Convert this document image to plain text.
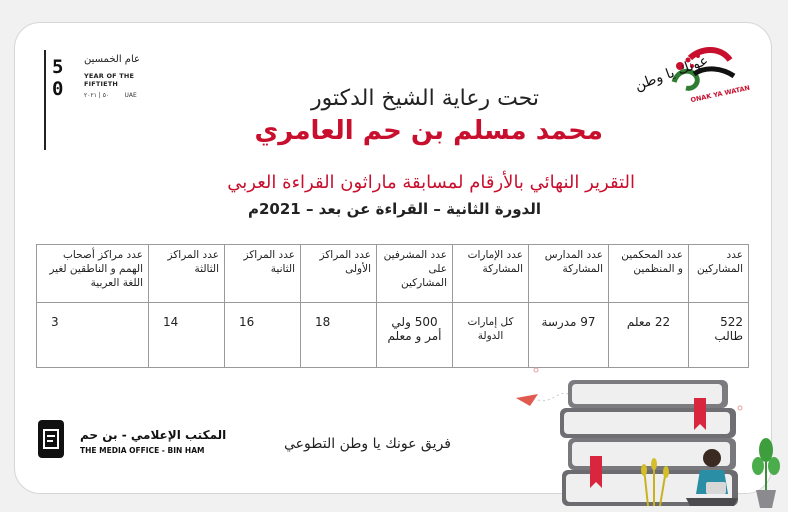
5
0
عام الخمسين
YEAR OF THE FIFTIETH
٥٠ | ٢٠٢١	UAE
عونك يا وطن
ONAK YA WATAN
تحت رعاية الشيخ الدكتور
محمد مسلم بن حم العامري
التقرير النهائي بالأرقام لمسابقة ماراثون القراءة العربي
الدورة الثانية – القراءة عن بعد – 2021م
عدد المشاركين	عدد المحكمين و المنظمين	عدد المدارس المشاركة	عدد الإمارات المشاركة	عدد المشرفين على المشاركين	عدد المراكز الأولى	عدد المراكز الثانية	عدد المراكز الثالثة	عدد مراكز أصحاب الهمم و الناطقين لغير اللغة العربية
522 طالب	22 معلم	97 مدرسة	كل إمارات الدولة	500 ولي أمر و معلم	18	16	14	3
المكتب الإعلامي - بن حم
THE MEDIA OFFICE - BIN HAM	فريق عونك يا وطن التطوعي
